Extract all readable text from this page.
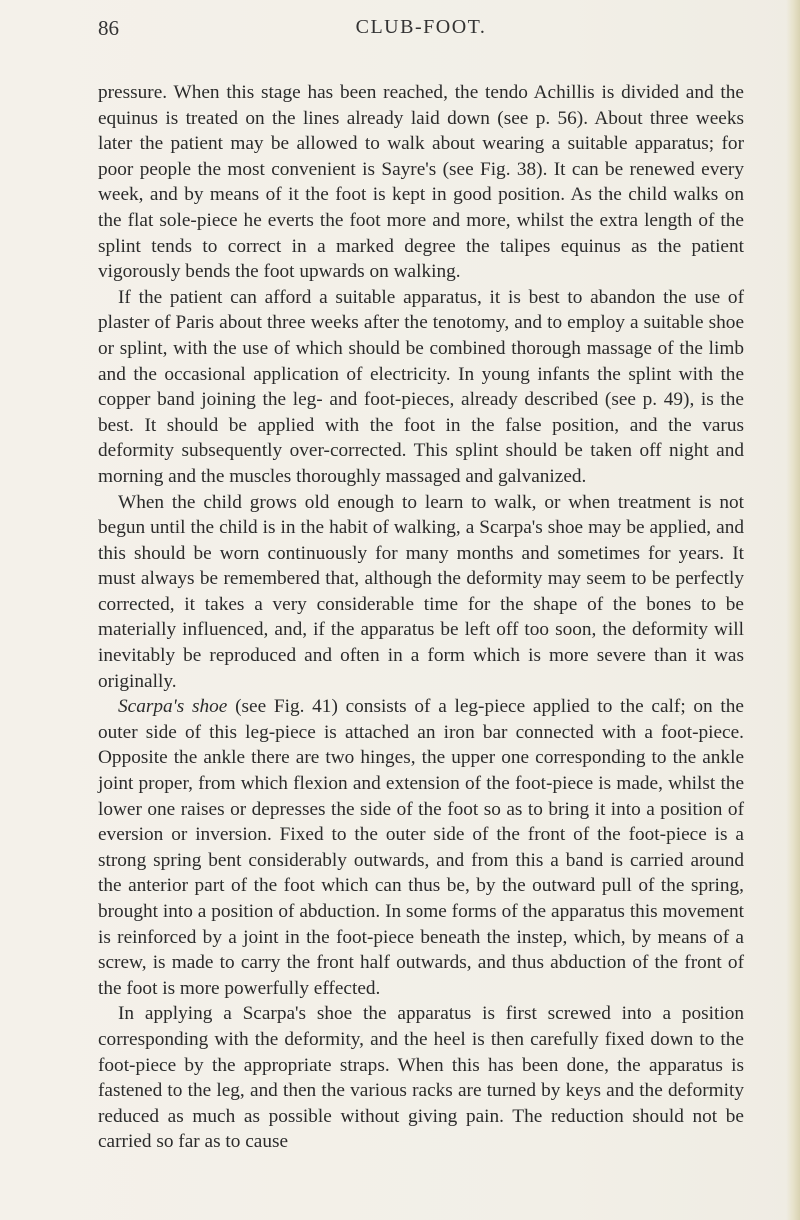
86	CLUB-FOOT.

pressure. When this stage has been reached, the tendo Achillis is divided and the equinus is treated on the lines already laid down (see p. 56). About three weeks later the patient may be allowed to walk about wearing a suitable apparatus; for poor people the most convenient is Sayre's (see Fig. 38). It can be renewed every week, and by means of it the foot is kept in good position. As the child walks on the flat sole-piece he everts the foot more and more, whilst the extra length of the splint tends to correct in a marked degree the talipes equinus as the patient vigorously bends the foot upwards on walking.

If the patient can afford a suitable apparatus, it is best to abandon the use of plaster of Paris about three weeks after the tenotomy, and to employ a suitable shoe or splint, with the use of which should be combined thorough massage of the limb and the occasional application of electricity. In young infants the splint with the copper band joining the leg- and foot-pieces, already described (see p. 49), is the best. It should be applied with the foot in the false position, and the varus deformity subsequently over-corrected. This splint should be taken off night and morning and the muscles thoroughly massaged and galvanized.

When the child grows old enough to learn to walk, or when treatment is not begun until the child is in the habit of walking, a Scarpa's shoe may be applied, and this should be worn continuously for many months and sometimes for years. It must always be remembered that, although the deformity may seem to be perfectly corrected, it takes a very considerable time for the shape of the bones to be materially influenced, and, if the apparatus be left off too soon, the deformity will inevitably be reproduced and often in a form which is more severe than it was originally.

Scarpa's shoe (see Fig. 41) consists of a leg-piece applied to the calf; on the outer side of this leg-piece is attached an iron bar connected with a foot-piece. Opposite the ankle there are two hinges, the upper one corresponding to the ankle joint proper, from which flexion and extension of the foot-piece is made, whilst the lower one raises or depresses the side of the foot so as to bring it into a position of eversion or inversion. Fixed to the outer side of the front of the foot-piece is a strong spring bent considerably outwards, and from this a band is carried around the anterior part of the foot which can thus be, by the outward pull of the spring, brought into a position of abduction. In some forms of the apparatus this movement is reinforced by a joint in the foot-piece beneath the instep, which, by means of a screw, is made to carry the front half outwards, and thus abduction of the front of the foot is more powerfully effected.

In applying a Scarpa's shoe the apparatus is first screwed into a position corresponding with the deformity, and the heel is then carefully fixed down to the foot-piece by the appropriate straps. When this has been done, the apparatus is fastened to the leg, and then the various racks are turned by keys and the deformity reduced as much as possible without giving pain. The reduction should not be carried so far as to cause
